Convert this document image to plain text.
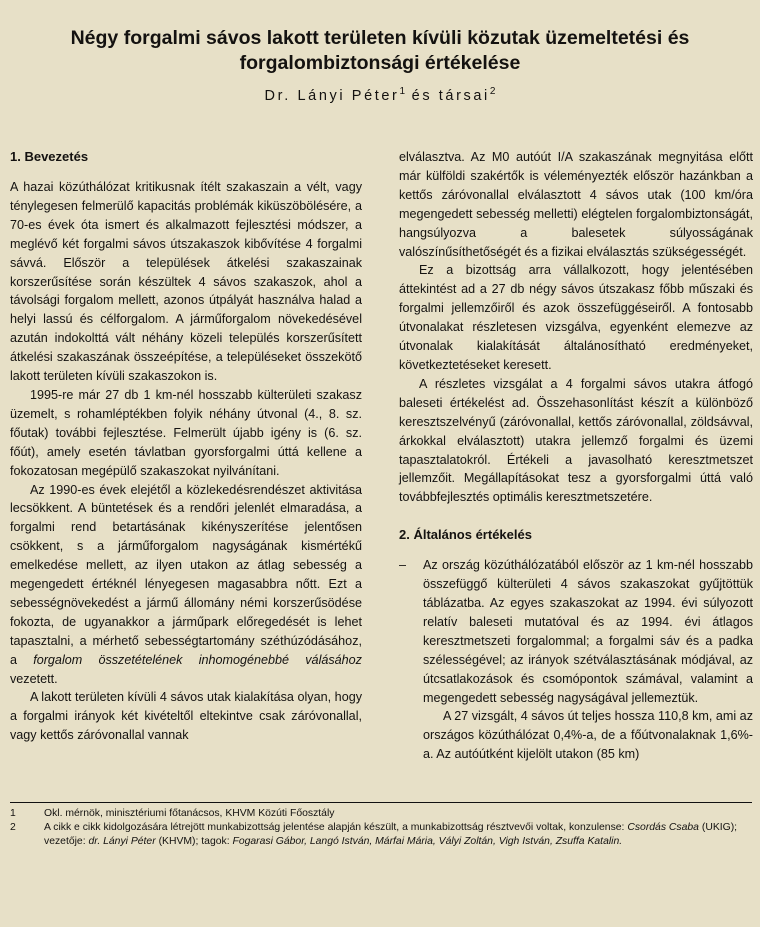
Négy forgalmi sávos lakott területen kívüli közutak üzemeltetési és
forgalombiztonsági értékelése
Dr. Lányi Péter$^1$ és társai$^2$
1. Bevezetés

A hazai közúthálózat kritikusnak ítélt szakaszain a vélt, vagy ténylegesen felmerülő kapacitás problémák kiküszöbölésére, a 70-es évek óta ismert és alkalmazott fejlesztési módszer, a meglévő két forgalmi sávos útszakaszok kibővítése 4 forgalmi sávvá. Először a települések átkelési szakaszainak korszerűsítése során készültek 4 sávos szakaszok, ahol a távolsági forgalom mellett, azonos útpályát használva halad a helyi lassú és célforgalom. A járműforgalom növekedésével azután indokolttá vált néhány közeli település korszerűsített átkelési szakaszának összeépítése, a településeket összekötő lakott területen kívüli szakaszokon is.

1995-re már 27 db 1 km-nél hosszabb külterületi szakasz üzemelt, s rohamléptékben folyik néhány útvonal (4., 8. sz. főutak) további fejlesztése. Felmerült újabb igény is (6. sz. főút), amely esetén távlatban gyorsforgalmi úttá kellene a fokozatosan megépülő szakaszokat nyilvánítani.

Az 1990-es évek elejétől a közlekedésrendészet aktivitása lecsökkent. A büntetések és a rendőri jelenlét elmaradása, a forgalmi rend betartásának kikényszerítése jelentősen csökkent, s a járműforgalom nagyságának kismértékű emelkedése mellett, az ilyen utakon az átlag sebesség a megengedett értéknél lényegesen magasabbra nőtt. Ezt a sebességnövekedést a jármű állomány némi korszerűsödése fokozta, de ugyanakkor a járműpark előregedését is lehet tapasztalni, a mérhető sebességtartomány széthúzódásához, a forgalom összetételének inhomogénebbé válásához vezetett.

A lakott területen kívüli 4 sávos utak kialakítása olyan, hogy a forgalmi irányok két kivételtől eltekintve csak záróvonallal, vagy kettős záróvonallal vannak

elválasztva. Az M0 autóút I/A szakaszának megnyitása előtt már külföldi szakértők is véleményezték először hazánkban a kettős záróvonallal elválasztott 4 sávos utak (100 km/óra megengedett sebesség melletti) elégtelen forgalombiztonságát, hangsúlyozva a balesetek súlyosságának valószínűsíthetőségét és a fizikai elválasztás szükségességét.

Ez a bizottság arra vállalkozott, hogy jelentésében áttekintést ad a 27 db négy sávos útszakasz főbb műszaki és forgalmi jellemzőiről és azok összefüggéseiről. A fontosabb útvonalakat részletesen vizsgálva, egyenként elemezve az útvonalak kialakítását általánosítható eredményeket, következtetéseket keresett.

A részletes vizsgálat a 4 forgalmi sávos utakra átfogó baleseti értékelést ad. Összehasonlítást készít a különböző keresztszelvényű (záróvonallal, kettős záróvonallal, zöldsávval, árkokkal elválasztott) utakra jellemző forgalmi és üzemi tapasztalatokról. Értékeli a javasolható keresztmetszet jellemzőit. Megállapításokat tesz a gyorsforgalmi úttá való továbbfejlesztés optimális keresztmetszetére.

2. Általános értékelés
–	Az ország közúthálózatából először az 1 km-nél hosszabb összefüggő külterületi 4 sávos szakaszokat gyűjtöttük táblázatba. Az egyes szakaszokat az 1994. évi súlyozott relatív baleseti mutatóval és az 1994. évi átlagos keresztmetszeti forgalommal; a forgalmi sáv és a padka szélességével; az irányok szétválasztásának módjával, az útcsatlakozások és csomópontok számával, valamint a megengedett sebesség nagyságával jellemeztük.

A 27 vizsgált, 4 sávos út teljes hossza 110,8 km, ami az országos közúthálózat 0,4%-a, de a főútvonalaknak 1,6%-a. Az autóútként kijelölt utakon (85 km)

1	Okl. mérnök, minisztériumi főtanácsos, KHVM Közúti Főosztály
2	A cikk e cikk kidolgozására létrejött munkabizottság jelentése alapján készült, a munkabizottság résztvevői voltak, konzulense: Csordás Csaba (UKIG); vezetője: dr. Lányi Péter (KHVM); tagok: Fogarasi Gábor, Langó István, Márfai Mária, Vályi Zoltán, Vigh István, Zsuffa Katalin.
